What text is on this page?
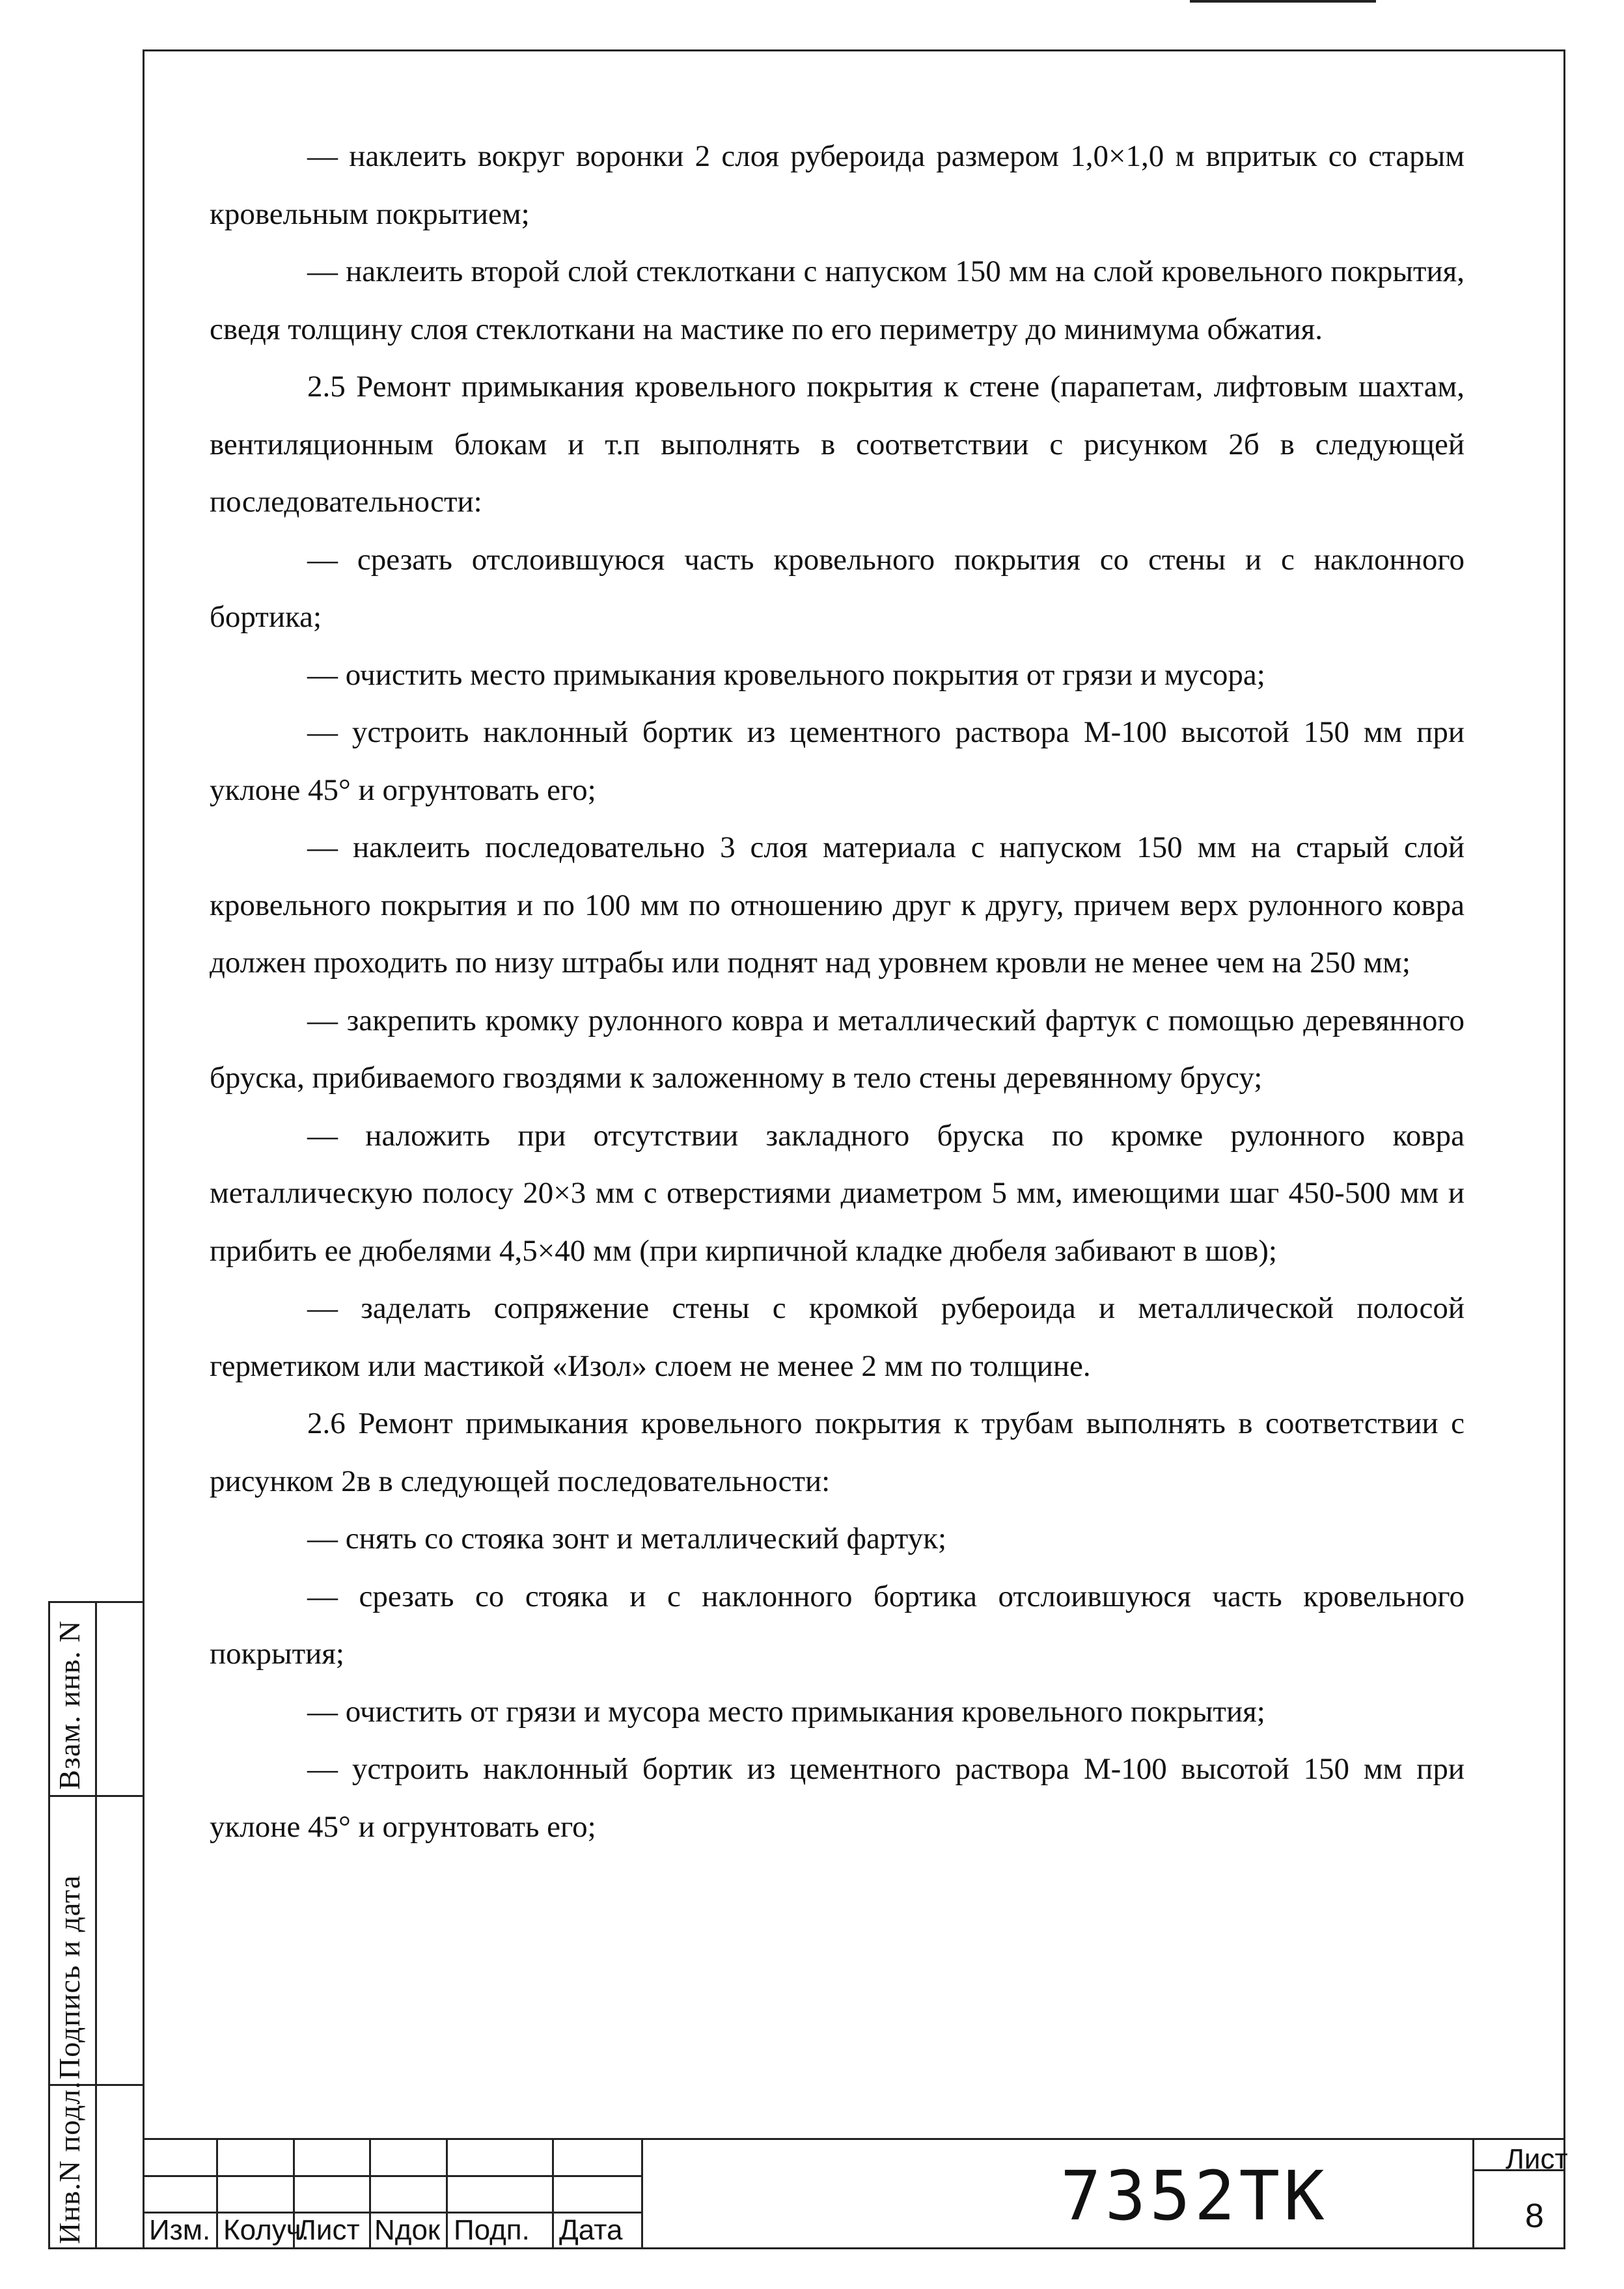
— наклеить вокруг воронки 2 слоя рубероида размером 1,0×1,0 м впритык со старым кровельным покрытием;

— наклеить второй слой стеклоткани с напуском 150 мм на слой кровельного покрытия, сведя толщину слоя стеклоткани на мастике по его периметру до минимума обжатия.

2.5 Ремонт примыкания кровельного покрытия к стене (парапетам, лифтовым шахтам, вентиляционным блокам и т.п выполнять в соответствии с рисунком 2б в следующей последовательности:

— срезать отслоившуюся часть кровельного покрытия со стены и с наклонного бортика;

— очистить место примыкания кровельного покрытия от грязи и мусора;

— устроить наклонный бортик из цементного раствора М-100 высотой 150 мм при уклоне 45° и огрунтовать его;

— наклеить последовательно 3 слоя материала с напуском 150 мм на старый слой кровельного покрытия и по 100 мм по отношению друг к другу, причем верх рулонного ковра должен проходить по низу штрабы или поднят над уровнем кровли не менее чем на 250 мм;

— закрепить кромку рулонного ковра и металлический фартук с помощью деревянного бруска, прибиваемого гвоздями к заложенному в тело стены деревянному брусу;

— наложить при отсутствии закладного бруска по кромке рулонного ковра металлическую полосу 20×3 мм с отверстиями диаметром 5 мм, имеющими шаг 450-500 мм и прибить ее дюбелями 4,5×40 мм (при кирпичной кладке дюбеля забивают в шов);

— заделать сопряжение стены с кромкой рубероида и металлической полосой герметиком или мастикой «Изол» слоем не менее 2 мм по толщине.

2.6 Ремонт примыкания кровельного покрытия к трубам выполнять в соответствии с рисунком 2в в следующей последовательности:

— снять со стояка зонт и металлический фартук;

— срезать со стояка и с наклонного бортика отслоившуюся часть кровельного покрытия;

— очистить от грязи и мусора место примыкания кровельного покрытия;

— устроить наклонный бортик из цементного раствора М-100 высотой 150 мм при уклоне 45° и огрунтовать его;

Взам. инв. N
Подпись и дата
Инв.N подл. Изм. Колуч.
Лист Nдок Подп. Дата	7352ТК	Лист
8
